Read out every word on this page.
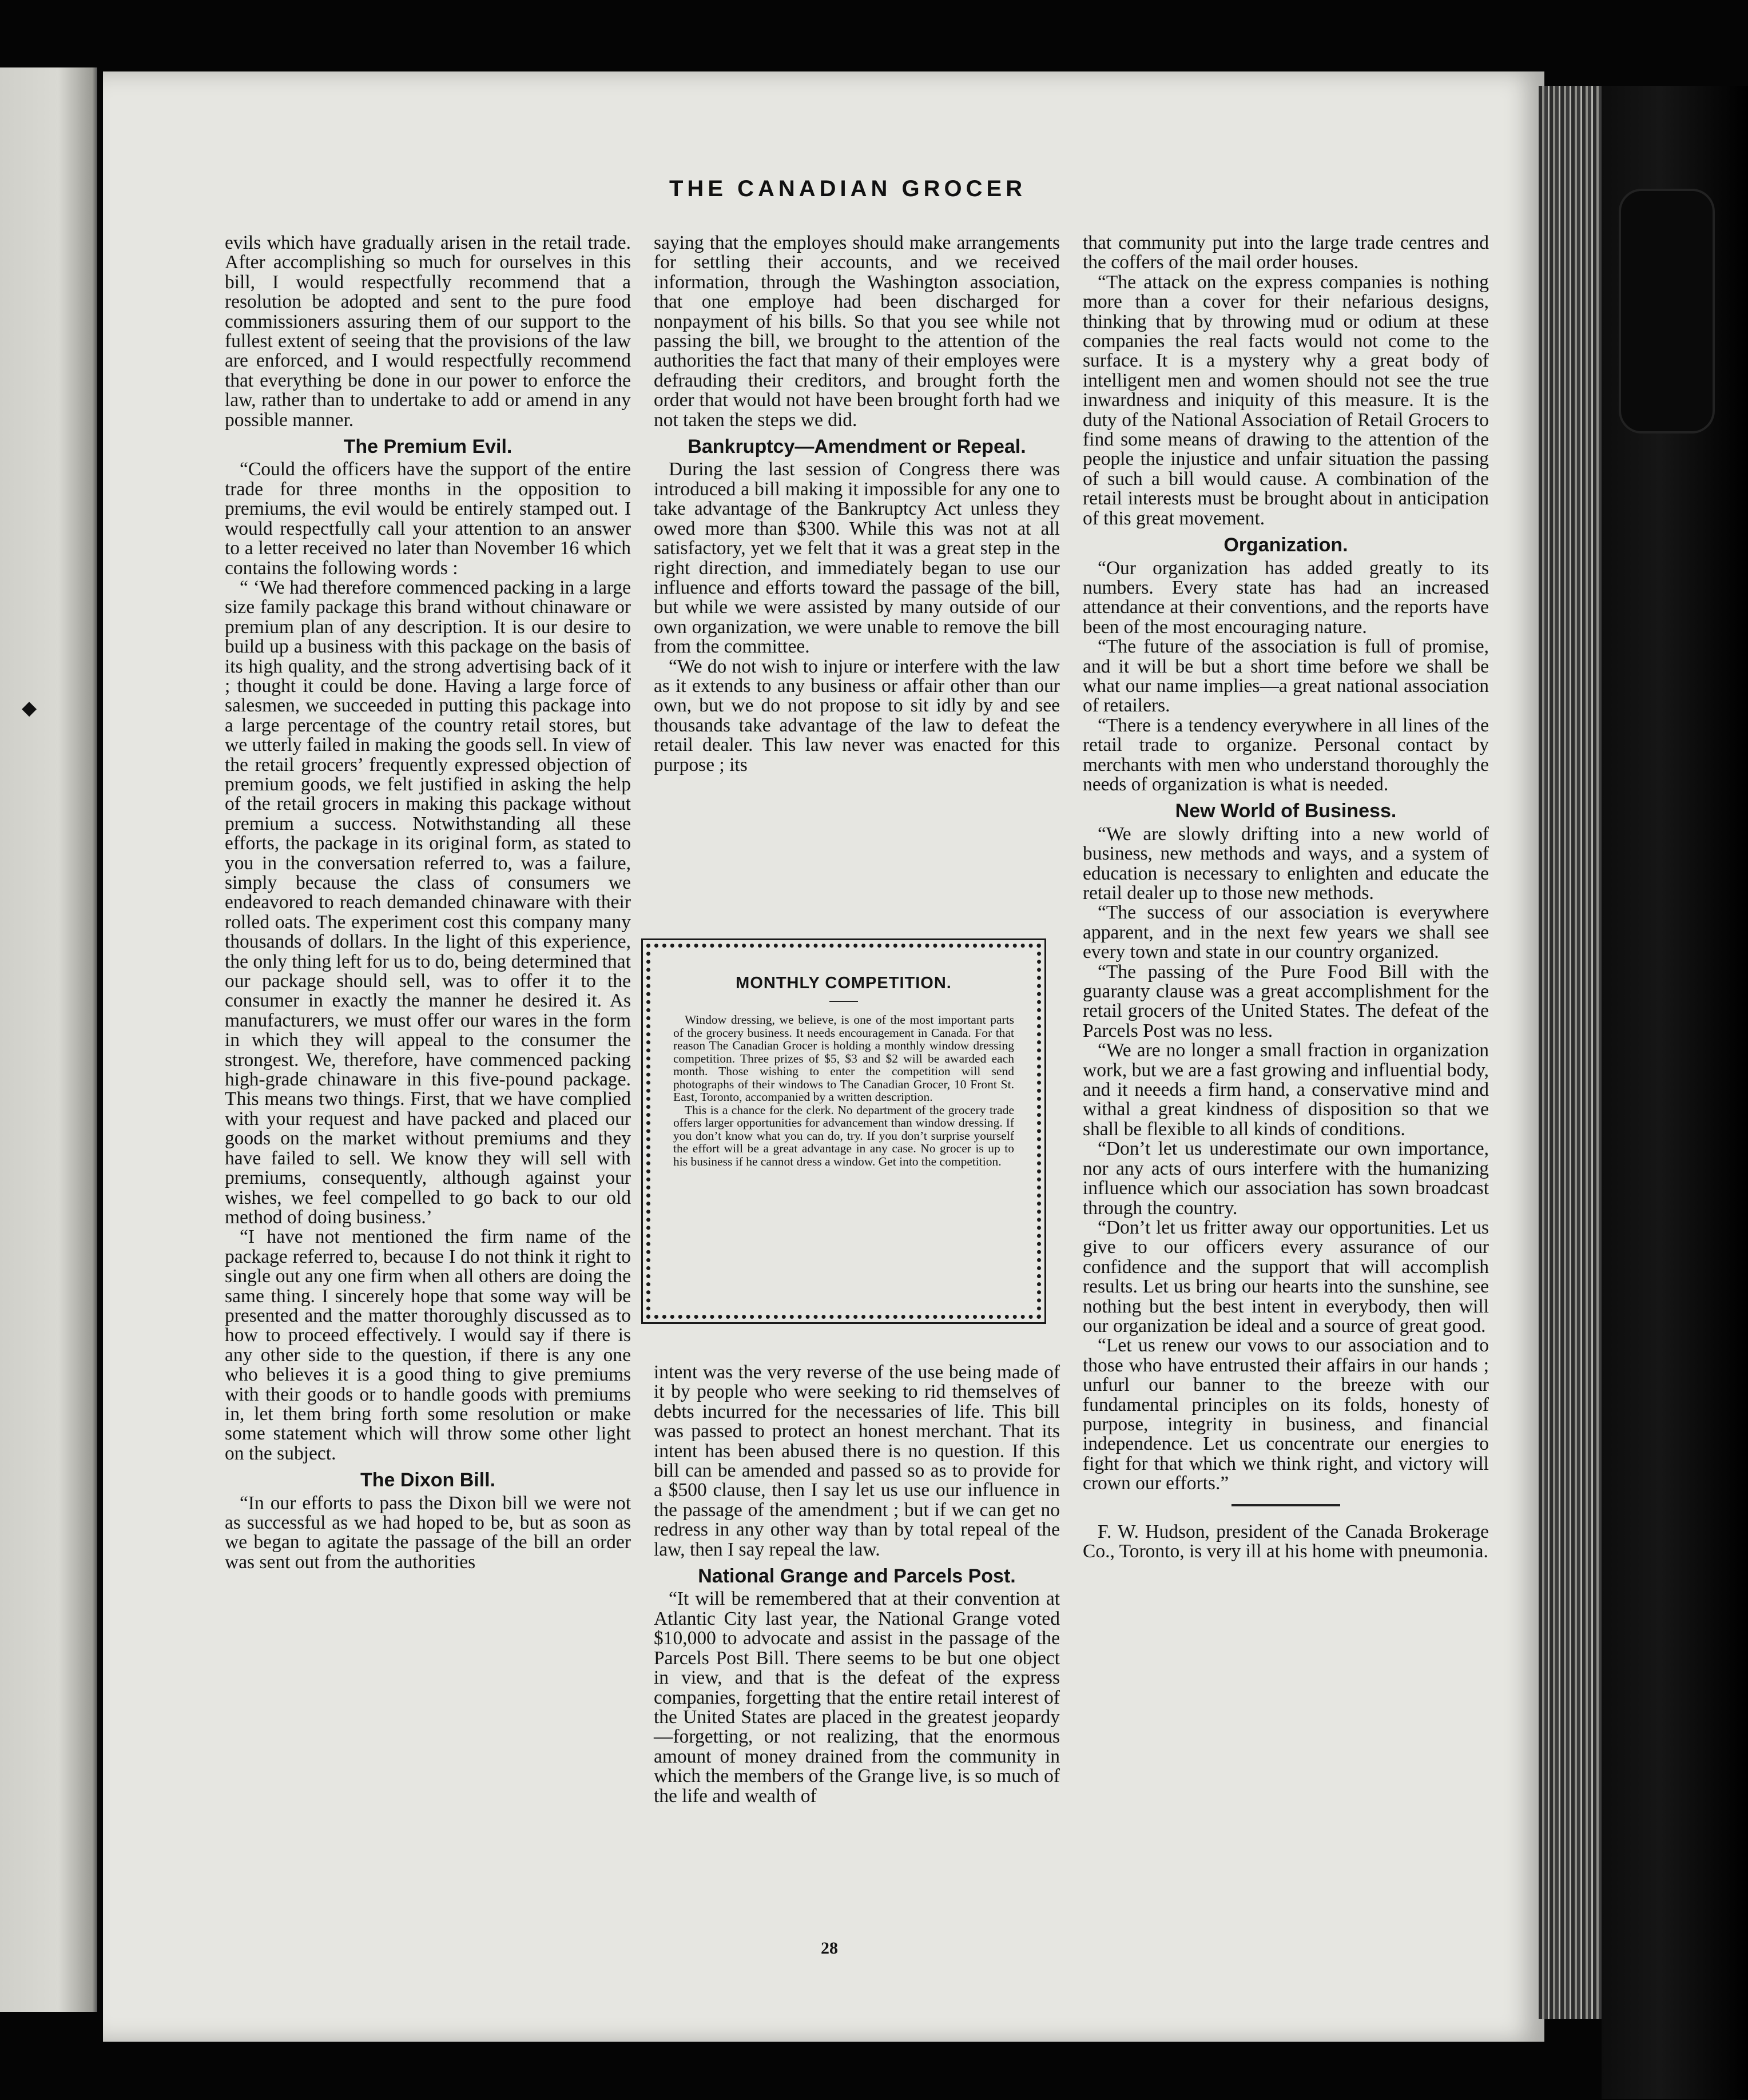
◆
THE CANADIAN GROCER

evils which have gradually arisen in the retail trade. After accomplishing so much for ourselves in this bill, I would respectfully recommend that a resolution be adopted and sent to the pure food commissioners assuring them of our support to the fullest extent of seeing that the provisions of the law are enforced, and I would respectfully recommend that everything be done in our power to enforce the law, rather than to undertake to add or amend in any possible manner.

The Premium Evil.

“Could the officers have the support of the entire trade for three months in the opposition to premiums, the evil would be entirely stamped out. I would respectfully call your attention to an answer to a letter received no later than November 16 which contains the following words :

“ ‘We had therefore commenced packing in a large size family package this brand without chinaware or premium plan of any description. It is our desire to build up a business with this package on the basis of its high quality, and the strong advertising back of it ; thought it could be done. Having a large force of salesmen, we succeeded in putting this package into a large percentage of the country retail stores, but we utterly failed in making the goods sell. In view of the retail grocers’ frequently expressed objection of premium goods, we felt justified in asking the help of the retail grocers in making this package without premium a success. Notwithstanding all these efforts, the package in its original form, as stated to you in the conversation referred to, was a failure, simply because the class of consumers we endeavored to reach demanded chinaware with their rolled oats. The experiment cost this company many thousands of dollars. In the light of this experience, the only thing left for us to do, being determined that our package should sell, was to offer it to the consumer in exactly the manner he desired it. As manufacturers, we must offer our wares in the form in which they will appeal to the consumer the strongest. We, therefore, have commenced packing high-grade chinaware in this five-pound package. This means two things. First, that we have complied with your request and have packed and placed our goods on the market without premiums and they have failed to sell. We know they will sell with premiums, consequently, although against your wishes, we feel compelled to go back to our old method of doing business.’

“I have not mentioned the firm name of the package referred to, because I do not think it right to single out any one firm when all others are doing the same thing. I sincerely hope that some way will be presented and the matter thoroughly discussed as to how to proceed effectively. I would say if there is any other side to the question, if there is any one who believes it is a good thing to give premiums with their goods or to handle goods with premiums in, let them bring forth some resolution or make some statement which will throw some other light on the subject.

The Dixon Bill.

“In our efforts to pass the Dixon bill we were not as successful as we had hoped to be, but as soon as we began to agitate the passage of the bill an order was sent out from the authorities

saying that the employes should make arrangements for settling their accounts, and we received information, through the Washington association, that one employe had been discharged for nonpayment of his bills. So that you see while not passing the bill, we brought to the attention of the authorities the fact that many of their employes were defrauding their creditors, and brought forth the order that would not have been brought forth had we not taken the steps we did.

Bankruptcy—Amendment or Repeal.

During the last session of Congress there was introduced a bill making it impossible for any one to take advantage of the Bankruptcy Act unless they owed more than $300. While this was not at all satisfactory, yet we felt that it was a great step in the right direction, and immediately began to use our influence and efforts toward the passage of the bill, but while we were assisted by many outside of our own organization, we were unable to remove the bill from the committee.

“We do not wish to injure or interfere with the law as it extends to any business or affair other than our own, but we do not propose to sit idly by and see thousands take advantage of the law to defeat the retail dealer. This law never was enacted for this purpose ; its

MONTHLY COMPETITION.

Window dressing, we believe, is one of the most important parts of the grocery business. It needs encouragement in Canada. For that reason The Canadian Grocer is holding a monthly window dressing competition. Three prizes of $5, $3 and $2 will be awarded each month. Those wishing to enter the competition will send photographs of their windows to The Canadian Grocer, 10 Front St. East, Toronto, accompanied by a written description.

This is a chance for the clerk. No department of the grocery trade offers larger opportunities for advancement than window dressing. If you don’t know what you can do, try. If you don’t surprise yourself the effort will be a great advantage in any case. No grocer is up to his business if he cannot dress a window. Get into the competition.

intent was the very reverse of the use being made of it by people who were seeking to rid themselves of debts incurred for the necessaries of life. This bill was passed to protect an honest merchant. That its intent has been abused there is no question. If this bill can be amended and passed so as to provide for a $500 clause, then I say let us use our influence in the passage of the amendment ; but if we can get no redress in any other way than by total repeal of the law, then I say repeal the law.

National Grange and Parcels Post.

“It will be remembered that at their convention at Atlantic City last year, the National Grange voted $10,000 to advocate and assist in the passage of the Parcels Post Bill. There seems to be but one object in view, and that is the defeat of the express companies, forgetting that the entire retail interest of the United States are placed in the greatest jeopardy—forgetting, or not realizing, that the enormous amount of money drained from the community in which the members of the Grange live, is so much of the life and wealth of

that community put into the large trade centres and the coffers of the mail order houses.

“The attack on the express companies is nothing more than a cover for their nefarious designs, thinking that by throwing mud or odium at these companies the real facts would not come to the surface. It is a mystery why a great body of intelligent men and women should not see the true inwardness and iniquity of this measure. It is the duty of the National Association of Retail Grocers to find some means of drawing to the attention of the people the injustice and unfair situation the passing of such a bill would cause. A combination of the retail interests must be brought about in anticipation of this great movement.

Organization.

“Our organization has added greatly to its numbers. Every state has had an increased attendance at their conventions, and the reports have been of the most encouraging nature.

“The future of the association is full of promise, and it will be but a short time before we shall be what our name implies—a great national association of retailers.

“There is a tendency everywhere in all lines of the retail trade to organize. Personal contact by merchants with men who understand thoroughly the needs of organization is what is needed.

New World of Business.

“We are slowly drifting into a new world of business, new methods and ways, and a system of education is necessary to enlighten and educate the retail dealer up to those new methods.

“The success of our association is everywhere apparent, and in the next few years we shall see every town and state in our country organized.

“The passing of the Pure Food Bill with the guaranty clause was a great accomplishment for the retail grocers of the United States. The defeat of the Parcels Post was no less.

“We are no longer a small fraction in organization work, but we are a fast growing and influential body, and it neeeds a firm hand, a conservative mind and withal a great kindness of disposition so that we shall be flexible to all kinds of conditions.

“Don’t let us underestimate our own importance, nor any acts of ours interfere with the humanizing influence which our association has sown broadcast through the country.

“Don’t let us fritter away our opportunities. Let us give to our officers every assurance of our confidence and the support that will accomplish results. Let us bring our hearts into the sunshine, see nothing but the best intent in everybody, then will our organization be ideal and a source of great good.

“Let us renew our vows to our association and to those who have entrusted their affairs in our hands ; unfurl our banner to the breeze with our fundamental principles on its folds, honesty of purpose, integrity in business, and financial independence. Let us concentrate our energies to fight for that which we think right, and victory will crown our efforts.”

F. W. Hudson, president of the Canada Brokerage Co., Toronto, is very ill at his home with pneumonia.

28
